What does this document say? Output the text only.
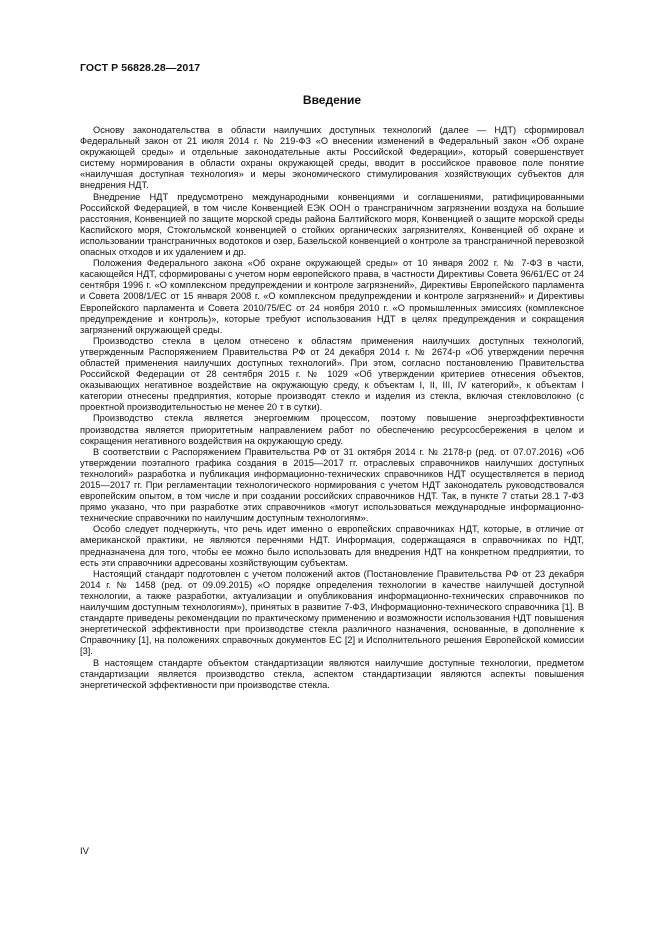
ГОСТ Р 56828.28—2017
Введение

Основу законодательства в области наилучших доступных технологий (далее — НДТ) сформировал Федеральный закон от 21 июля 2014 г. № 219-ФЗ «О внесении изменений в Федеральный закон «Об охране окружающей среды» и отдельные законодательные акты Российской Федерации», который совершенствует систему нормирования в области охраны окружающей среды, вводит в российское правовое поле понятие «наилучшая доступная технология» и меры экономического стимулирования хозяйствующих субъектов для внедрения НДТ.

Внедрение НДТ предусмотрено международными конвенциями и соглашениями, ратифицированными Российской Федерацией, в том числе Конвенцией ЕЭК ООН о трансграничном загрязнении воздуха на большие расстояния, Конвенцией по защите морской среды района Балтийского моря, Конвенцией о защите морской среды Каспийского моря, Стокгольмской конвенцией о стойких органических загрязнителях, Конвенцией об охране и использовании трансграничных водотоков и озер, Базельской конвенцией о контроле за трансграничной перевозкой опасных отходов и их удалением и др.

Положения Федерального закона «Об охране окружающей среды» от 10 января 2002 г. № 7-ФЗ в части, касающейся НДТ, сформированы с учетом норм европейского права, в частности Директивы Совета 96/61/ЕС от 24 сентября 1996 г. «О комплексном предупреждении и контроле загрязнений», Директивы Европейского парламента и Совета 2008/1/ЕС от 15 января 2008 г. «О комплексном предупреждении и контроле загрязнений» и Директивы Европейского парламента и Совета 2010/75/ЕС от 24 ноября 2010 г. «О промышленных эмиссиях (комплексное предупреждение и контроль)», которые требуют использования НДТ в целях предупреждения и сокращения загрязнений окружающей среды.

Производство стекла в целом отнесено к областям применения наилучших доступных технологий, утвержденным Распоряжением Правительства РФ от 24 декабря 2014 г. № 2674-р «Об утверждении перечня областей применения наилучших доступных технологий». При этом, согласно постановлению Правительства Российской Федерации от 28 сентября 2015 г. № 1029 «Об утверждении критериев отнесения объектов, оказывающих негативное воздействие на окружающую среду, к объектам I, II, III, IV категорий», к объектам I категории отнесены предприятия, которые производят стекло и изделия из стекла, включая стекловолокно (с проектной производительностью не менее 20 т в сутки).

Производство стекла является энергоемким процессом, поэтому повышение энергоэффективности производства является приоритетным направлением работ по обеспечению ресурсосбережения в целом и сокращения негативного воздействия на окружающую среду.

В соответствии с Распоряжением Правительства РФ от 31 октября 2014 г. № 2178-р (ред. от 07.07.2016) «Об утверждении поэтапного графика создания в 2015—2017 гг. отраслевых справочников наилучших доступных технологий» разработка и публикация информационно-технических справочников НДТ осуществляется в период 2015—2017 гг. При регламентации технологического нормирования с учетом НДТ законодатель руководствовался европейским опытом, в том числе и при создании российских справочников НДТ. Так, в пункте 7 статьи 28.1 7-ФЗ прямо указано, что при разработке этих справочников «могут использоваться международные информационно-технические справочники по наилучшим доступным технологиям».

Особо следует подчеркнуть, что речь идет именно о европейских справочниках НДТ, которые, в отличие от американской практики, не являются перечнями НДТ. Информация, содержащаяся в справочниках по НДТ, предназначена для того, чтобы ее можно было использовать для внедрения НДТ на конкретном предприятии, то есть эти справочники адресованы хозяйствующим субъектам.

Настоящий стандарт подготовлен с учетом положений актов (Постановление Правительства РФ от 23 декабря 2014 г. № 1458 (ред. от 09.09.2015) «О порядке определения технологии в качестве наилучшей доступной технологии, а также разработки, актуализации и опубликования информационно-технических справочников по наилучшим доступным технологиям»), принятых в развитие 7-ФЗ, Информационно-технического справочника [1]. В стандарте приведены рекомендации по практическому применению и возможности использования НДТ повышения энергетической эффективности при производстве стекла различного назначения, основанные, в дополнение к Справочнику [1], на положениях справочных документов ЕС [2] и Исполнительного решения Европейской комиссии [3].

В настоящем стандарте объектом стандартизации являются наилучшие доступные технологии, предметом стандартизации является производство стекла, аспектом стандартизации являются аспекты повышения энергетической эффективности при производстве стекла.

IV
